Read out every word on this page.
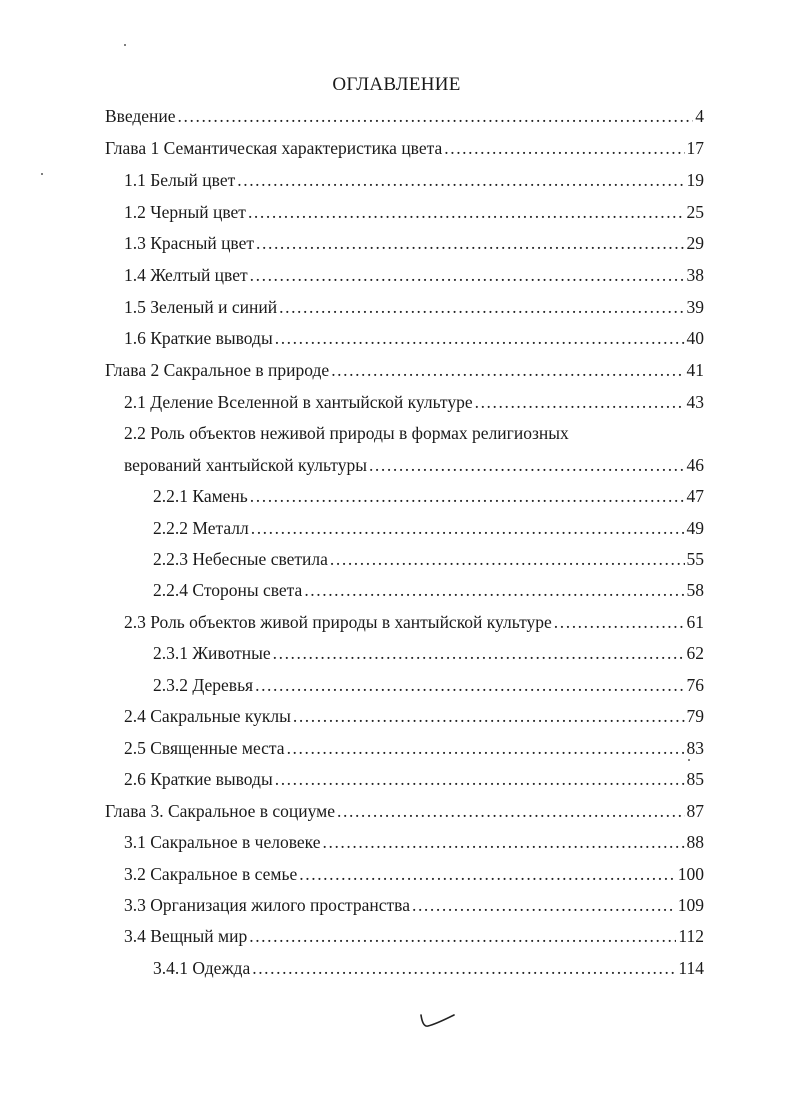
ОГЛАВЛЕНИЕ
Введение .....	4
Глава 1 Семантическая характеристика цвета .....	17
1.1 Белый цвет .....	19
1.2 Черный цвет .....	25
1.3 Красный цвет .....	29
1.4 Желтый цвет .....	38
1.5 Зеленый и синий .....	39
1.6 Краткие выводы .....	40
Глава 2 Сакральное в природе .....	41
2.1 Деление Вселенной в хантыйской культуре .....	43
2.2 Роль объектов неживой природы в формах религиозных
верований хантыйской культуры .....	46
2.2.1 Камень .....	47
2.2.2 Металл .....	49
2.2.3 Небесные светила .....	55
2.2.4 Стороны света .....	58
2.3 Роль объектов живой природы в хантыйской культуре .....	61
2.3.1 Животные .....	62
2.3.2 Деревья .....	76
2.4 Сакральные куклы .....	79
2.5 Священные места .....	83
2.6 Краткие выводы .....	85
Глава 3. Сакральное в социуме .....	87
3.1 Сакральное в человеке .....	88
3.2 Сакральное в семье .....	100
3.3 Организация жилого пространства .....	109
3.4 Вещный мир .....	112
3.4.1 Одежда .....	114
